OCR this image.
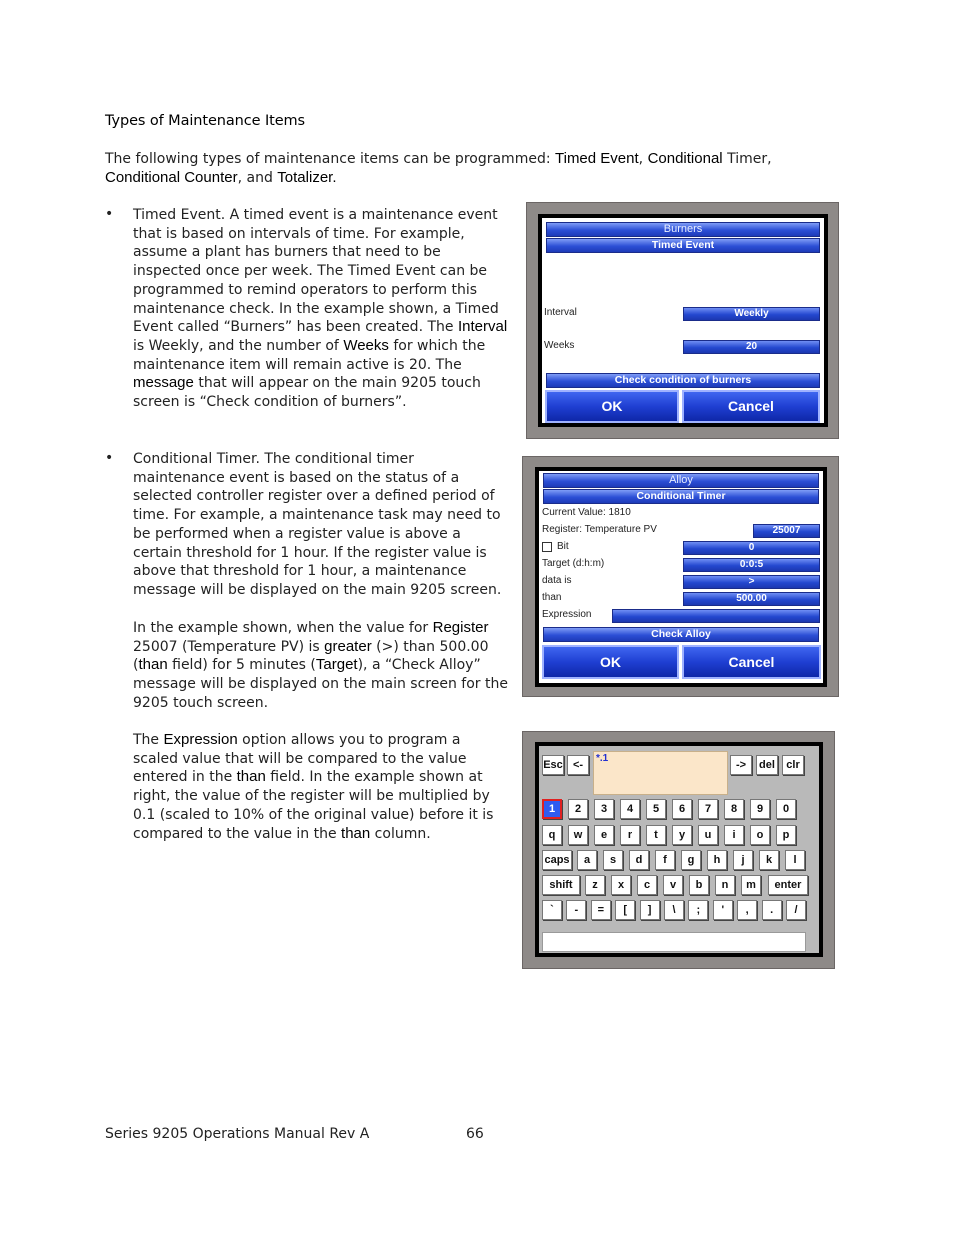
Types of Maintenance Items
The following types of maintenance items can be programmed: Timed Event, Conditional Timer,
Conditional Counter, and Totalizer.
• Timed Event. A timed event is a maintenance event that is based on intervals of time. For example, assume a plant has burners that need to be inspected once per week. The Timed Event can be programmed to remind operators to perform this maintenance check. In the example shown, a Timed Event called “Burners” has been created. The Interval is Weekly, and the number of Weeks for which the maintenance item will remain active is 20. The message that will appear on the main 9205 touch screen is “Check condition of burners”.
• Conditional Timer. The conditional timer maintenance event is based on the status of a selected controller register over a defined period of time. For example, a maintenance task may need to be performed when a register value is above a certain threshold for 1 hour. If the register value is above that threshold for 1 hour, a maintenance message will be displayed on the main 9205 screen.
In the example shown, when the value for Register 25007 (Temperature PV) is greater (>) than 500.00 (than field) for 5 minutes (Target), a “Check Alloy” message will be displayed on the main screen for the 9205 touch screen.
The Expression option allows you to program a scaled value that will be compared to the value entered in the than field. In the example shown at right, the value of the register will be multiplied by 0.1 (scaled to 10% of the original value) before it is compared to the value in the than column.
Burners
Timed Event
Interval	Weekly
Weeks	20
Check condition of burners
OK	Cancel
Alloy
Conditional Timer
Current Value: 1810
Register: Temperature PV	25007
Bit	0
Target (d:h:m)	0:0:5
data is	>
than	500.00
Expression
Check Alloy
OK	Cancel
*.1
Esc <-	->	del	clr
1	2	3	4	5	6	7	8	9	0
q	w	e	r	t	y	u	i	o	p
caps	a	s	d	f	g	h	j	k	l
shift	z	x	c	v	b	n	m	enter
`	-	=	[	]	\	;	'	,	.	/
Series 9205 Operations Manual Rev A	66
